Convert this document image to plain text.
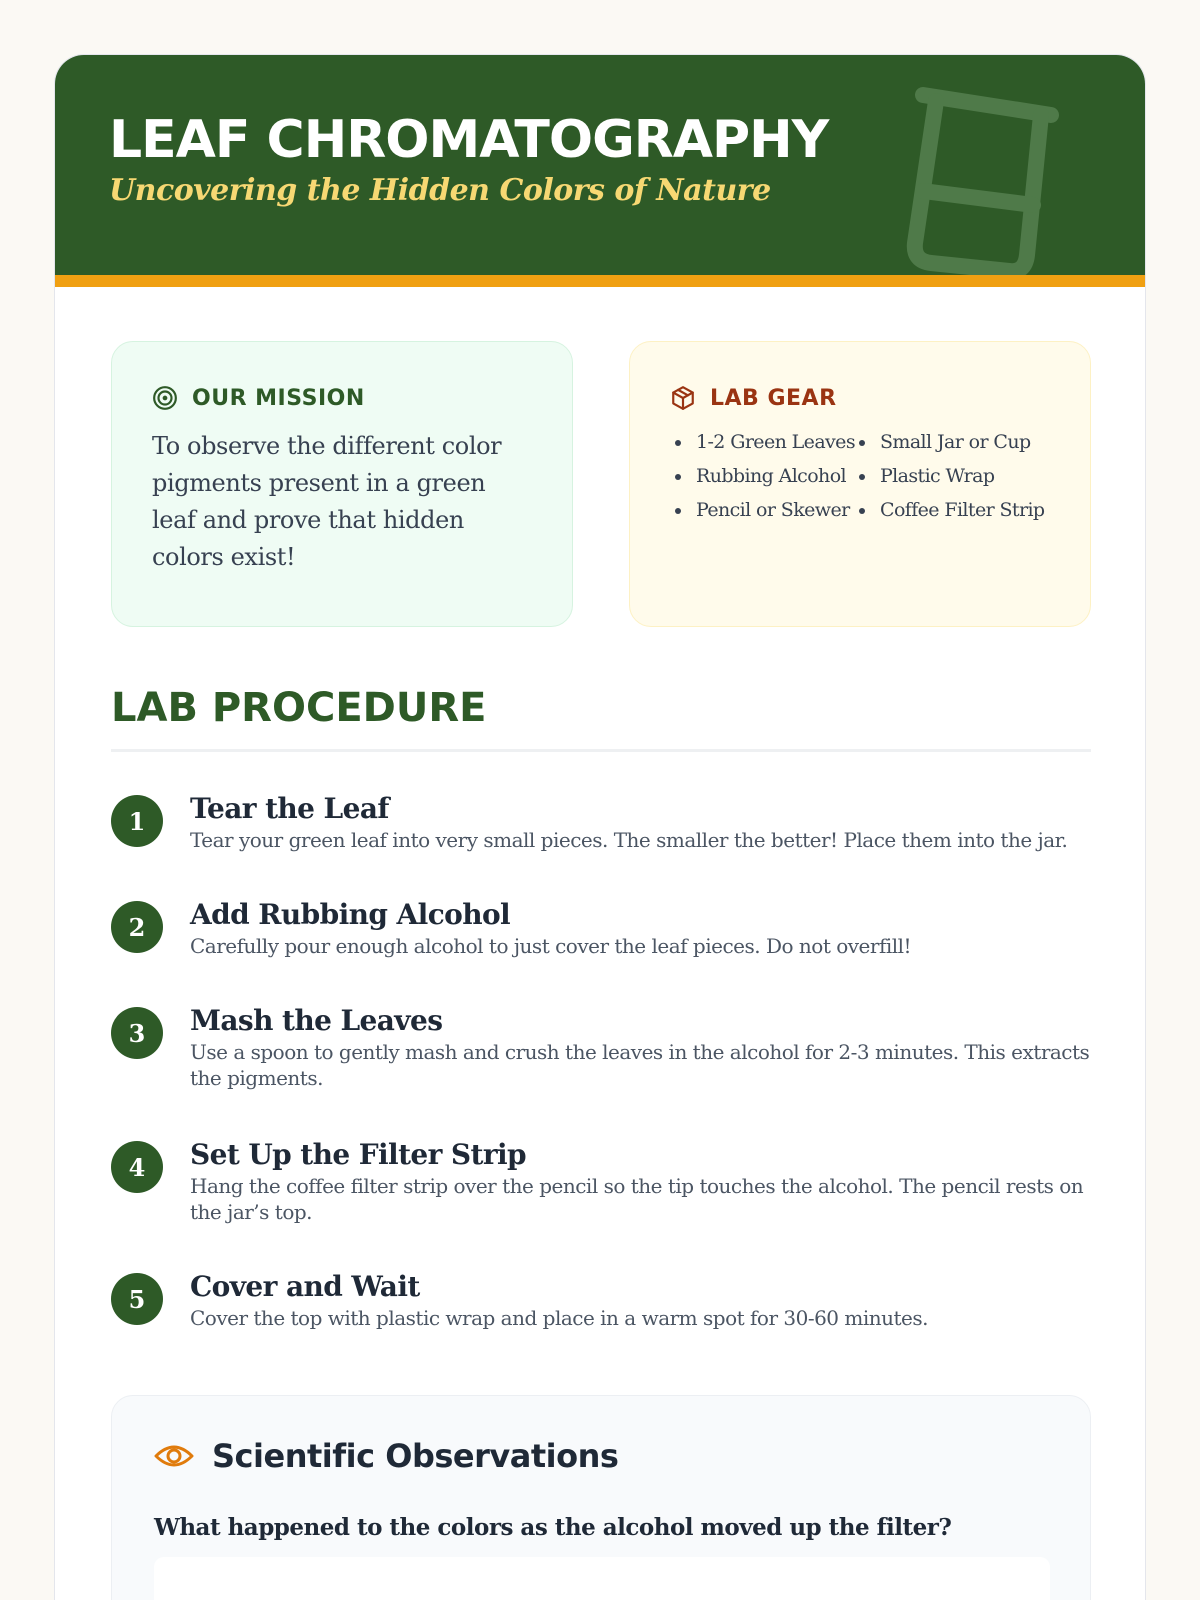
LEAF CHROMATOGRAPHY
Uncovering the Hidden Colors of Nature
OUR MISSION

To observe the different color pigments present in a green leaf and prove that hidden colors exist!

LAB GEAR
1-2 Green Leaves	Small Jar or Cup
Rubbing Alcohol	Plastic Wrap
Pencil or Skewer	Coffee Filter Strip
LAB PROCEDURE
1	Tear the Leaf
Tear your green leaf into very small pieces. The smaller the better! Place them into the jar.
2	Add Rubbing Alcohol
Carefully pour enough alcohol to just cover the leaf pieces. Do not overfill!
3	Mash the Leaves
Use a spoon to gently mash and crush the leaves in the alcohol for 2-3 minutes. This extracts the pigments.
4	Set Up the Filter Strip
Hang the coffee filter strip over the pencil so the tip touches the alcohol. The pencil rests on the jar’s top.
5	Cover and Wait
Cover the top with plastic wrap and place in a warm spot for 30-60 minutes.
Scientific Observations
What happened to the colors as the alcohol moved up the filter?
